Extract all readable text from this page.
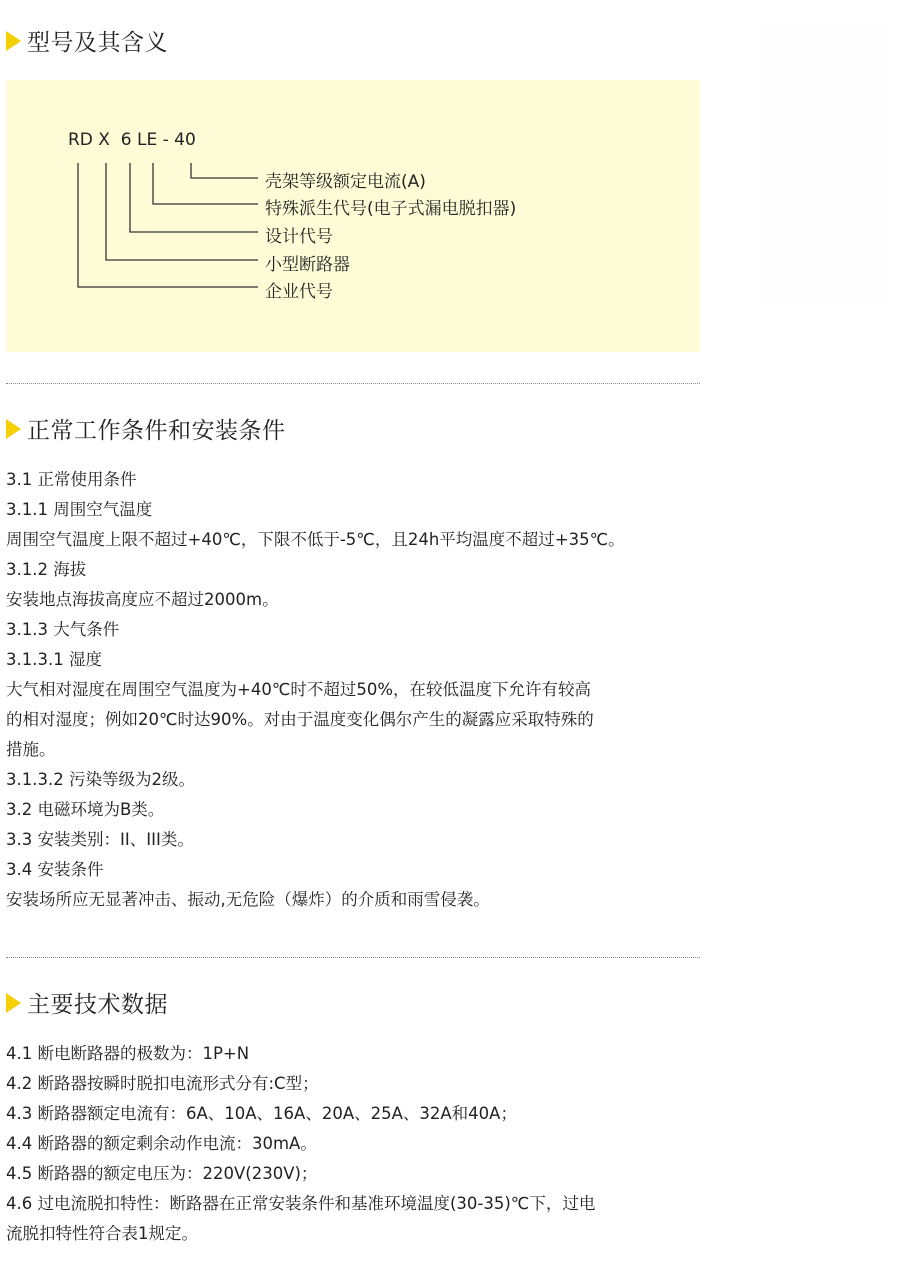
型号及其含义
RD X  6 LE - 40
壳架等级额定电流(A)
特殊派生代号(电子式漏电脱扣器)
设计代号
小型断路器
企业代号
正常工作条件和安装条件
3.1 正常使用条件
3.1.1 周围空气温度
周围空气温度上限不超过+40℃，下限不低于-5℃，且24h平均温度不超过+35℃。
3.1.2 海拔
安装地点海拔高度应不超过2000m。
3.1.3 大气条件
3.1.3.1 湿度
大气相对湿度在周围空气温度为+40℃时不超过50%，在较低温度下允许有较高
的相对湿度；例如20℃时达90%。对由于温度变化偶尔产生的凝露应采取特殊的
措施。
3.1.3.2 污染等级为2级。
3.2 电磁环境为B类。
3.3 安装类别：II、III类。
3.4 安装条件
安装场所应无显著冲击、振动,无危险（爆炸）的介质和雨雪侵袭。
主要技术数据
4.1 断电断路器的极数为：1P+N
4.2 断路器按瞬时脱扣电流形式分有:C型；
4.3 断路器额定电流有：6A、10A、16A、20A、25A、32A和40A；
4.4 断路器的额定剩余动作电流：30mA。
4.5 断路器的额定电压为：220V(230V)；
4.6 过电流脱扣特性：断路器在正常安装条件和基准环境温度(30-35)℃下，过电
流脱扣特性符合表1规定。
